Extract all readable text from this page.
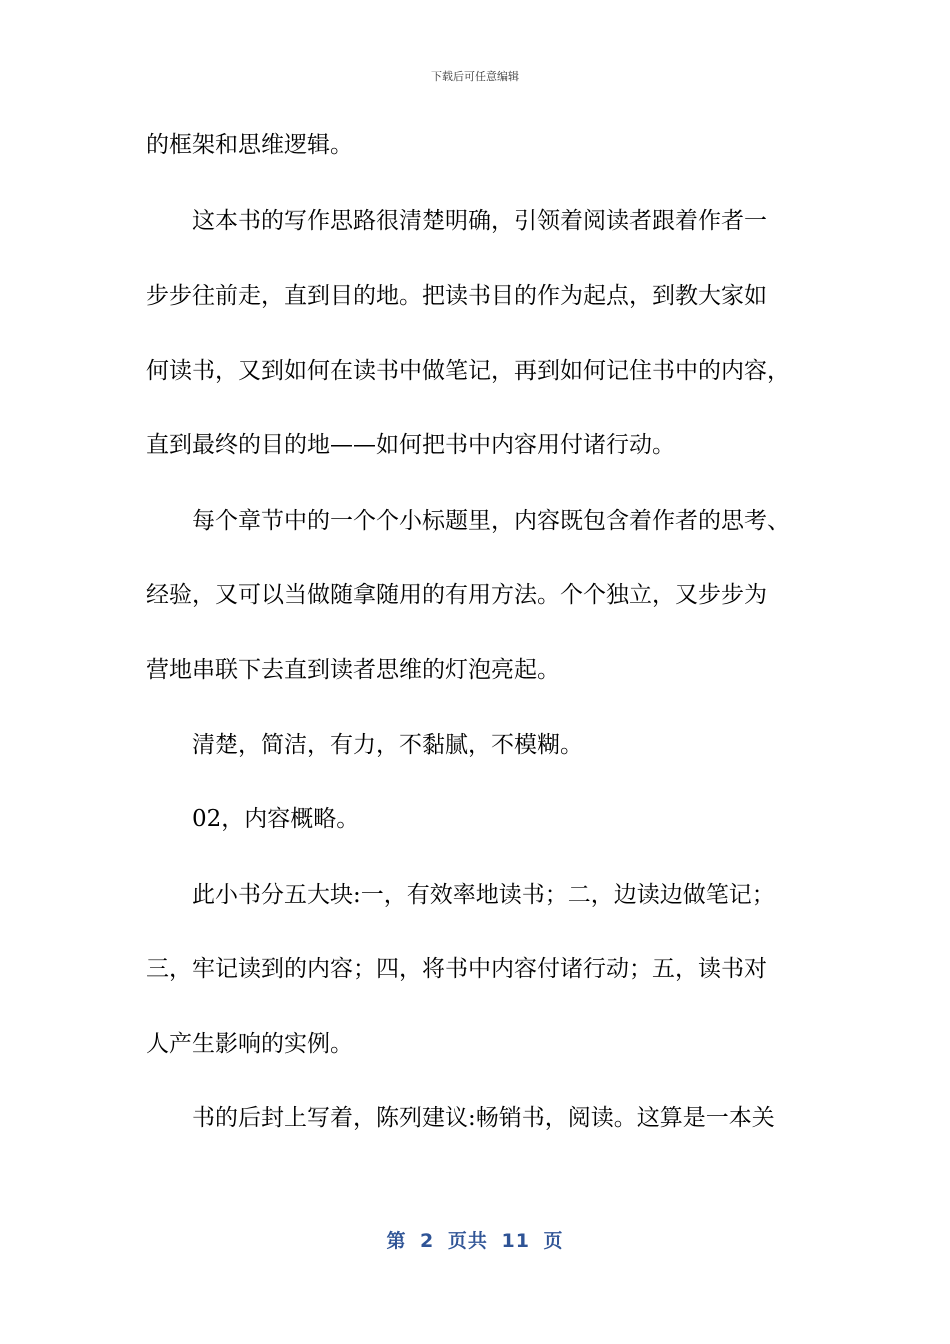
下载后可任意编辑
的框架和思维逻辑。
这本书的写作思路很清楚明确，引领着阅读者跟着作者一
步步往前走，直到目的地。把读书目的作为起点，到教大家如
何读书，又到如何在读书中做笔记，再到如何记住书中的内容，
直到最终的目的地——如何把书中内容用付诸行动。
每个章节中的一个个小标题里，内容既包含着作者的思考、
经验，又可以当做随拿随用的有用方法。个个独立，又步步为
营地串联下去直到读者思维的灯泡亮起。
清楚，简洁，有力，不黏腻，不模糊。
02，内容概略。
此小书分五大块:一，有效率地读书；二，边读边做笔记；
三，牢记读到的内容；四，将书中内容付诸行动；五，读书对
人产生影响的实例。
书的后封上写着，陈列建议:畅销书，阅读。这算是一本关
第 2 页共 11 页
